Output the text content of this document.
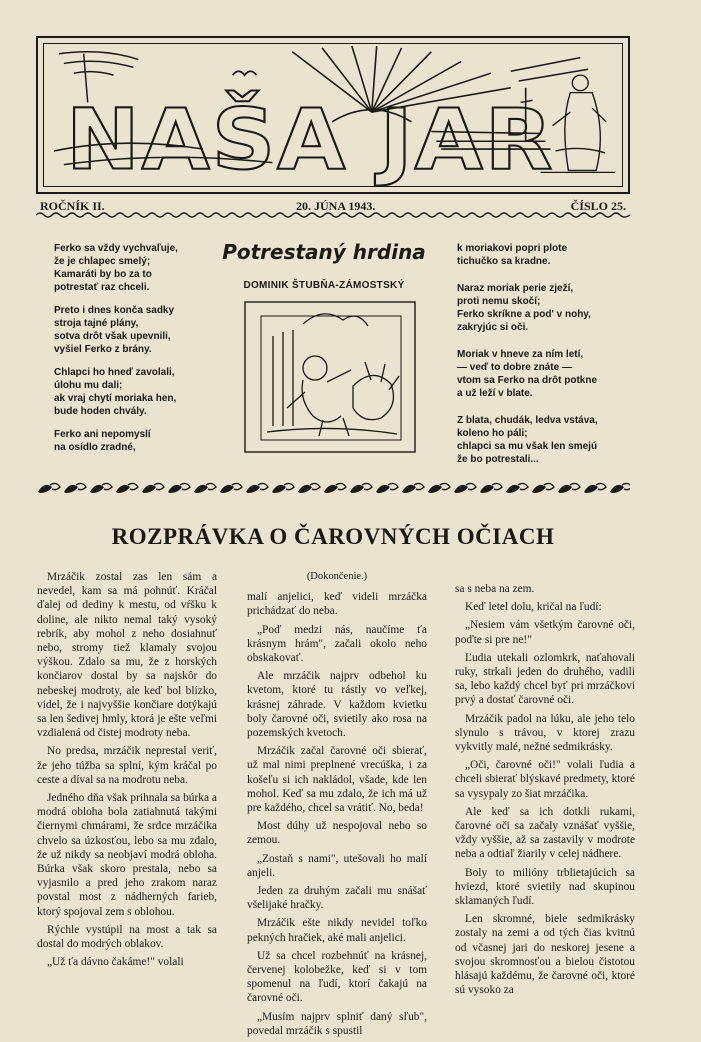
NAŠA JAR
ROČNÍK II.	20. JÚNA 1943.	ČÍSLO 25.
Ferko sa vždy vychvaľuje,
že je chlapec smelý;
Kamaráti by bo za to
potrestať raz chceli.
Preto i dnes konča sadky
strojа tajné plány,
sotva drôt však upevnili,
vyšiel Ferko z brány.
Chlapci ho hneď zavolali,
úlohu mu dali;
ak vraj chytí moriaka hen,
bude hoden chvály.
Ferko ani nepomyslí
na osídlo zradné,
Potrestaný hrdina
DOMINIK ŠTUBŇA-ZÁMOSTSKÝ
k moriakovi popri plote
tichučko sa kradne.
Naraz moriak perie zježí,
proti nemu skočí;
Ferko skríkne a pod' v nohy,
zakryjúc si oči.
Moriak v hneve za ním letí,
— veď to dobre znáte —
vtom sa Ferko na drôt potkne
a už leží v blate.
Z blata, chudák, ledva vstáva,
koleno ho páli;
chlapci sa mu však len smejú
že bo potrestali...
ROZPRÁVKA O ČAROVNÝCH OČIACH

Mrzáčik zostal zas len sám a nevedel, kam sa má pohnúť. Kráčal ďalej od dediny k mestu, od vŕšku k doline, ale nikto nemal taký vysoký rebrík, aby mohol z neho dosiahnuť nebo, stromy tiež klamaly svojou výškou. Zdalo sa mu, že z horských končiarov dostal by sa najskôr do nebeskej modroty, ale keď bol blízko, videl, že i najvyššie končiare dotýkajú sa len šedivej hmly, ktorá je ešte veľmi vzdialená od čistej modroty neba.

No predsa, mrzáčik neprestal veriť, že jeho túžba sa splní, kým kráčal po ceste a díval sa na modrotu neba.

Jedného dňa však prihnala sa búrka a modrá obloha bola zatiahnutá takými čiernymi chmárami, že srdce mrzáčika chvelo sa úzkosťou, lebo sa mu zdalo, že už nikdy sa neobjaví modrá obloha. Búrka však skoro prestala, nebo sa vyjasnilo a pred jeho zrakom naraz povstal most z nádherných farieb, ktorý spojoval zem s oblohou.

Rýchle vystúpil na most a tak sa dostal do modrých oblakov.

„Už ťa dávno čakáme!" volali

(Dokončenie.)

malí anjelici, keď videli mrzáčka prichádzať do neba.

„Poď medzi nás, naučíme ťa krásnym hrám", začali okolo neho obskakovať.

Ale mrzáčik najprv odbehol ku kvetom, ktoré tu rástly vo veľkej, krásnej záhrade. V každom kvietku boly čarovné oči, svietily ako rosa na pozemských kvetoch.

Mrzáčik začal čarovné oči sbierať, už mal nimi preplnené vrecúška, i za košeľu si ich nakládol, všade, kde len mohol. Keď sa mu zdalo, že ich má už pre každého, chcel sa vrátiť. No, beda!

Most dúhy už nespojoval nebo so zemou.

„Zostaň s nami", utešovali ho malí anjeli.

Jeden za druhým začali mu snášať všelijaké hračky.

Mrzáčik ešte nikdy nevidel toľko pekných hračiek, aké mali anjelici.

Už sa chcel rozbehnúť na krásnej, červenej kolobežke, keď si v tom spomenul na ľudí, ktorí čakajú na čarovné oči.

„Musím najprv splniť daný sľub", povedal mrzáčik s spustil

sa s neba na zem.

Keď letel dolu, kričal na ľudí:

„Nesiem vám všetkým čarovné oči, poďte si pre ne!"

Ľudia utekali ozlomkrk, naťahovali ruky, strkali jeden do druhého, vadili sa, lebo každý chcel byť pri mrzáčkovi prvý a dostať čarovné oči.

Mrzáčik padol na lúku, ale jeho telo slynulo s trávou, v ktorej zrazu vykvitly malé, nežné sedmikrásky.

„Oči, čarovné oči!" volali ľudia a chceli sbierať blýskavé predmety, ktoré sa vysypaly zo šiat mrzáčika.

Ale keď sa ich dotkli rukami, čarovné oči sa začaly vznášať vyššie, vždy vyššie, až sa zastavily v modrote neba a odtiaľ žiarily v celej nádhere.

Boly to milióny trblietajúcich sa hviezd, ktoré svietily nad skupinou sklamaných ľudí.

Len skromné, biele sedmikrásky zostaly na zemi a od tých čias kvitnú od včasnej jari do neskorej jesene a svojou skromnosťou a bielou čistotou hlásajú každému, že čarovné oči, ktoré sú vysoko za
